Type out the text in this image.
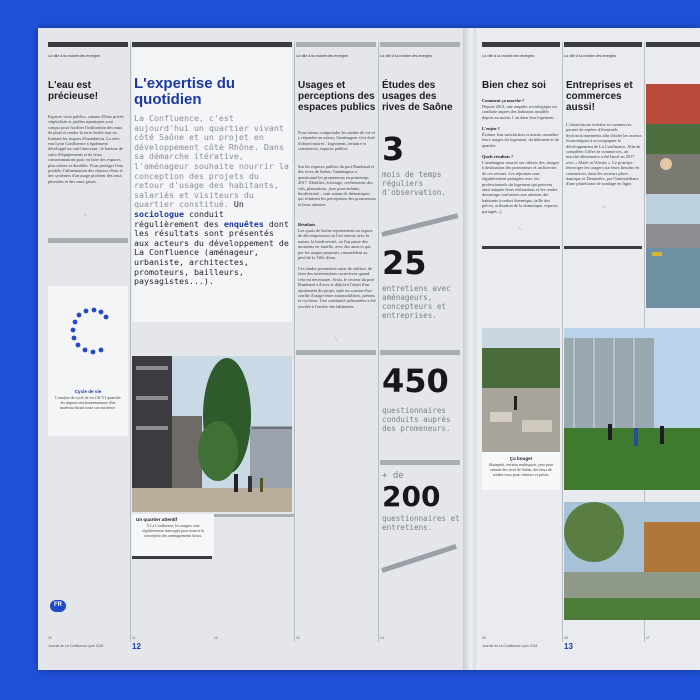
La ville à la croisée des énergies	La ville à la croisée des énergies	La ville à la croisée des énergies
L'eau est précieuse!
Espaces verts publics, canaux d'îlots privés végétalisés et jardins aquatiques sont conçus pour faciliter l'infiltration des eaux de pluie et rendre la terre fertile tout en limitant les risques d'inondation. La zéro eau Lyon Confluence a également développé un outil innovant ; le barème de suivi d'équipements et de leurs consommations pour en faire des espaces plus sobres et durables. Pour protéger l'eau potable, l'alimentation des chasses d'eau et des systèmes d'arrosage provient des eaux pluviales et des eaux grises.
∴
Cycle de vie
L'analyse de cycle de vie (ACV) quantifie les impacts environnementaux d'un matériau durant toute son existence.
L'expertise du quotidien
La Confluence, c'est aujourd'hui un quartier vivant côté Saône et un projet en développement côté Rhône. Dans sa démarche itérative, l'aménageur souhaite nourrir la conception des projets du retour d'usage des habitants, salariés et visiteurs du quartier constitué. Un sociologue conduit régulièrement des enquêtes dont les résultats sont présentés aux acteurs du développement de La Confluence (aménageur, urbaniste, architectes, promoteurs, bailleurs, paysagistes...).
Un quartier attentif
À La Confluence, les usagers sont régulièrement interrogés pour nourrir la conception des aménagements futurs.
Usages et perceptions des espaces publics
Pour mieux comprendre les modes de vie et y répondre au mieux, l'aménageur s'est doté d'observatoires : logements, tertiaire et commerces, espaces publics.
Sur les espaces publics du port Rambaud et des rives de Saône, l'aménageur a questionné les promeneurs en printemps 2017. Mobilier, éclairage, revêtements des sols, plantations, jeux pour enfants, biodiversité... sont autant de thématiques qui éclairent les perceptions des promeneurs et leurs attentes.
Résultats
Les quais de Saône représentent un espace de décompression où l'on renoue avec la nature, la biodiversité, où l'on passe des moments en famille, avec des amis et qui, par les usages proposés, rassemblent au pied de la Ville d'eau.
Ces études permettent aussi de réaliser, de faire des interventions correctives quand cela est nécessaire. Ainsi, le secteur du port Rambaud a d'ores et déjà fait l'objet d'un ajustement du projet, suite au constat d'un conflit d'usage entre automobilistes, piétons et cyclistes. Une continuité piétonnière a été recréée à l'arrière des bâtiments.
∴
Études des usages des rives de Saône
3
mois de temps réguliers d'observation.
25
entretiens avec aménageurs, concepteurs et entreprises.
450
questionnaires conduits auprès des promeneurs.
+ de
200
questionnaires et entretiens.
FR
10
Journal de La Confluence Lyon 2018
11
12
12	13	14
La ville à la croisée des énergies	La ville à la croisée des énergies
Bien chez soi
Comment ça marche ?
Depuis 2012, une enquête sociologique est conduite auprès des habitants installés depuis au moins 1 an dans leur logement.
L'enjeu ?
Évaluer leur satisfaction et mieux connaître leurs usages du logement, du bâtiment et du quartier.
Quels résultats ?
L'aménageur nourrit ses cahiers des charges à destination des promoteurs et architectes de ces retours. Les réponses sont régulièrement partagées avec les professionnels du logement qui peuvent ainsi adapter leurs réalisations et les rendre davantage conformes aux attentes des habitants (confort thermique, taille des pièces, utilisation de la domotique, espaces partagés...).
∴
Entreprises et commerces aussi!
L'observatoire tertiaire et commerces permet de repérer d'éventuels dysfonctionnements afin d'aider les acteurs économiques à accompagner le développement de La Confluence. Afin de compléter l'offre de commerces, un marché alimentaire a été lancé en 2017 avec « Made in Voisins ». Le principe : interroger les usagers sur leurs besoins en commerces, dans les secteurs place nautique et Denuzière, par l'intermédiaire d'une plateforme de sondage en ligne.
∴
Ça bouge!
Skatepark, terrains multisports, jeux pour enfants des rives de Saône, des lieux de rendez-vous pour visiteurs et privés.
15
Journal de La Confluence Lyon 2018
16
13
17
